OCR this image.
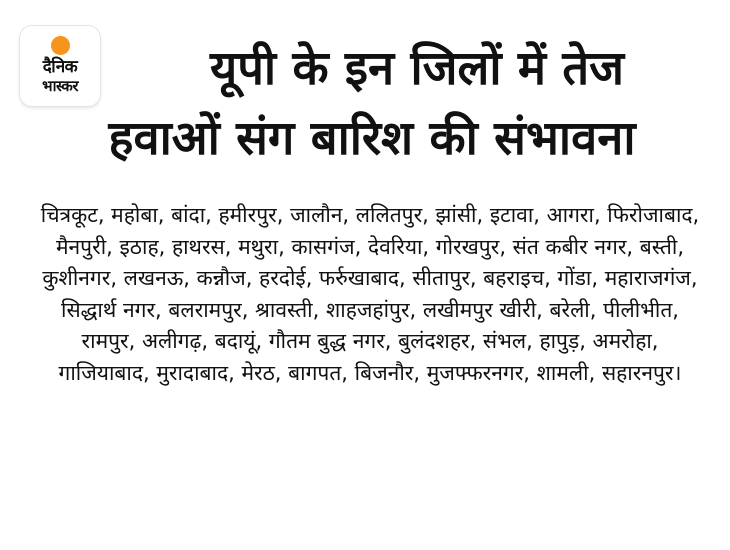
दैनिक
भास्कर	यूपी के इन जिलों में तेज
हवाओं संग बारिश की संभावना

चित्रकूट, महोबा, बांदा, हमीरपुर, जालौन, ललितपुर, झांसी, इटावा, आगरा, फिरोजाबाद, मैनपुरी, इठाह, हाथरस, मथुरा, कासगंज, देवरिया, गोरखपुर, संत कबीर नगर, बस्ती, कुशीनगर, लखनऊ, कन्नौज, हरदोई, फर्रुखाबाद, सीतापुर, बहराइच, गोंडा, महाराजगंज, सिद्धार्थ नगर, बलरामपुर, श्रावस्ती, शाहजहांपुर, लखीमपुर खीरी, बरेली, पीलीभीत, रामपुर, अलीगढ़, बदायूं, गौतम बुद्ध नगर, बुलंदशहर, संभल, हापुड़, अमरोहा, गाजियाबाद, मुरादाबाद, मेरठ, बागपत, बिजनौर, मुजफ्फरनगर, शामली, सहारनपुर।
